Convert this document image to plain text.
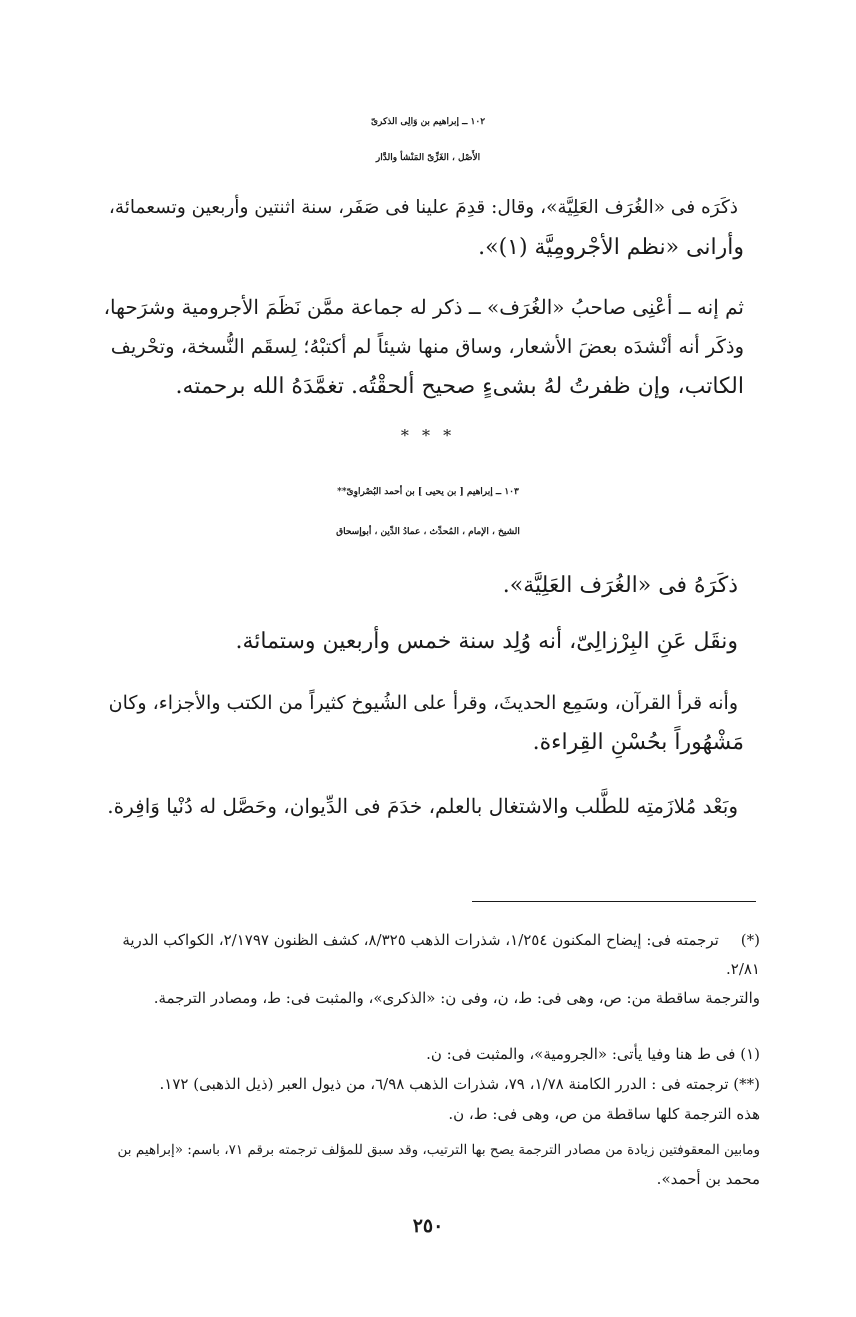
١٠٢ ــ إبراهيم بن وَالِى الذكرىّ
الأَصْل ، الغَزِّىّ المَنْشأ والدَّار
ذكَرَه فى «الغُرَف العَلِيَّة»، وقال: قدِمَ علينا فى صَفَر، سنة اثنتين وأربعين وتسعمائة،
وأرانى «نظم الأجْرومِيَّة (١)».
ثم إنه ــ أعْنِى صاحبُ «الغُرَف» ــ ذكر له جماعة ممَّن نَظَمَ الأجرومية وشرَحها،
وذكَر أنه أنْشدَه بعضَ الأشعار، وساق منها شيئاً لم أكتبْهُ؛ لِسقَم النُّسخة، وتحْريف
الكاتب، وإن ظفرتُ لهُ بشىءٍ صحيح ألحقْتُه. تغمَّدَهُ الله برحمته.
* * *
١٠٣ ــ إبراهيم [ بن يحيى ] بن أحمد البُصْراوِىّ**
الشيخ ، الإمام ، المُحدِّث ، عمادُ الدِّين ، أبوإسحاق
ذكَرَهُ فى «الغُرَف العَلِيَّة».
ونقَل عَنِ البِرْزالِىّ، أنه وُلِد سنة خمس وأربعين وستمائة.
وأنه قرأ القرآن، وسَمِع الحديثَ، وقرأ على الشُيوخ كثيراً من الكتب والأجزاء، وكان
مَشْهُوراً بحُسْنِ القِراءة.
وبَعْد مُلازَمتِه للطَّلب والاشتغال بالعلم، خدَمَ فى الدِّيوان، وحَصَّل له دُنْيا وَافِرة.
(*)ترجمته فى: إيضاح المكنون ١/٢٥٤، شذرات الذهب ٨/٣٢٥، كشف الظنون ٢/١٧٩٧، الكواكب الدرية
٢/٨١.
والترجمة ساقطة من: ص، وهى فى: ط، ن، وفى ن: «الذكرى»، والمثبت فى: ط، ومصادر الترجمة.
(١) فى ط هنا وفيا يأتى: «الجرومية»، والمثبت فى: ن.
(**) ترجمته فى : الدرر الكامنة ١/٧٨، ٧٩، شذرات الذهب ٦/٩٨، من ذيول العبر (ذيل الذهبى) ١٧٢.
هذه الترجمة كلها ساقطة من ص، وهى فى: ط، ن.
ومابين المعقوفتين زيادة من مصادر الترجمة يصح بها الترتيب، وقد سبق للمؤلف ترجمته برقم ٧١، باسم: «إبراهيم بن
محمد بن أحمد».
٢٥٠
